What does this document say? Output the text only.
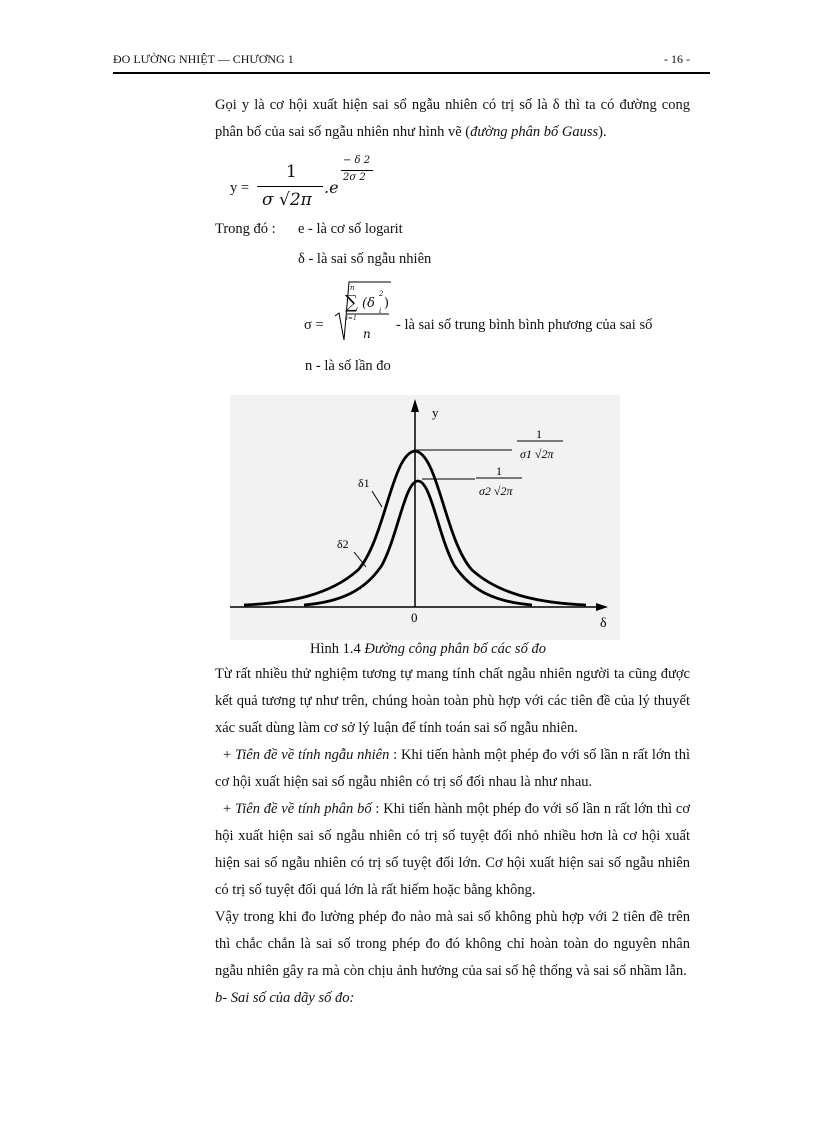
ĐO LƯỜNG NHIỆT — CHƯƠNG 1	- 16 -

Gọi y là cơ hội xuất hiện sai số ngẫu nhiên có trị số là δ thì ta có đường cong phân bố của sai số ngẫu nhiên như hình vẽ (đường phân bố Gauss).

y =
1
σ √2π
.e
− δ 2
2σ 2
Trong đó : e - là cơ số logarit
δ - là sai số ngẫu nhiên
σ =
n
∑
i=1
(δ
2
i )
n
- là sai số trung bình bình phương của sai số
n - là số lần đo
y
0	δ
δ1
δ2
1
σ1 √2π
1
σ2 √2π
Hình 1.4 Đường công phân bố các số đo

Từ rất nhiều thử nghiệm tương tự mang tính chất ngẫu nhiên người ta cũng được kết quả tương tự như trên, chúng hoàn toàn phù hợp với các tiên đề của lý thuyết xác suất dùng làm cơ sở lý luận để tính toán sai số ngẫu nhiên.

+ Tiên đề về tính ngẫu nhiên : Khi tiến hành một phép đo với số lần n rất lớn thì cơ hội xuất hiện sai số ngẫu nhiên có trị số đối nhau là như nhau.

+ Tiên đề về tính phân bố : Khi tiến hành một phép đo với số lần n rất lớn thì cơ hội xuất hiện sai số ngẫu nhiên có trị số tuyệt đối nhỏ nhiều hơn là cơ hội xuất hiện sai số ngẫu nhiên có trị số tuyệt đối lớn. Cơ hội xuất hiện sai số ngẫu nhiên có trị số tuyệt đối quá lớn là rất hiếm hoặc bằng không.

Vậy trong khi đo lường phép đo nào mà sai số không phù hợp với 2 tiên đề trên thì chắc chắn là sai số trong phép đo đó không chỉ hoàn toàn do nguyên nhân ngẫu nhiên gây ra mà còn chịu ảnh hưởng của sai số hệ thống và sai số nhầm lẫn.

b- Sai số của dãy số đo:
